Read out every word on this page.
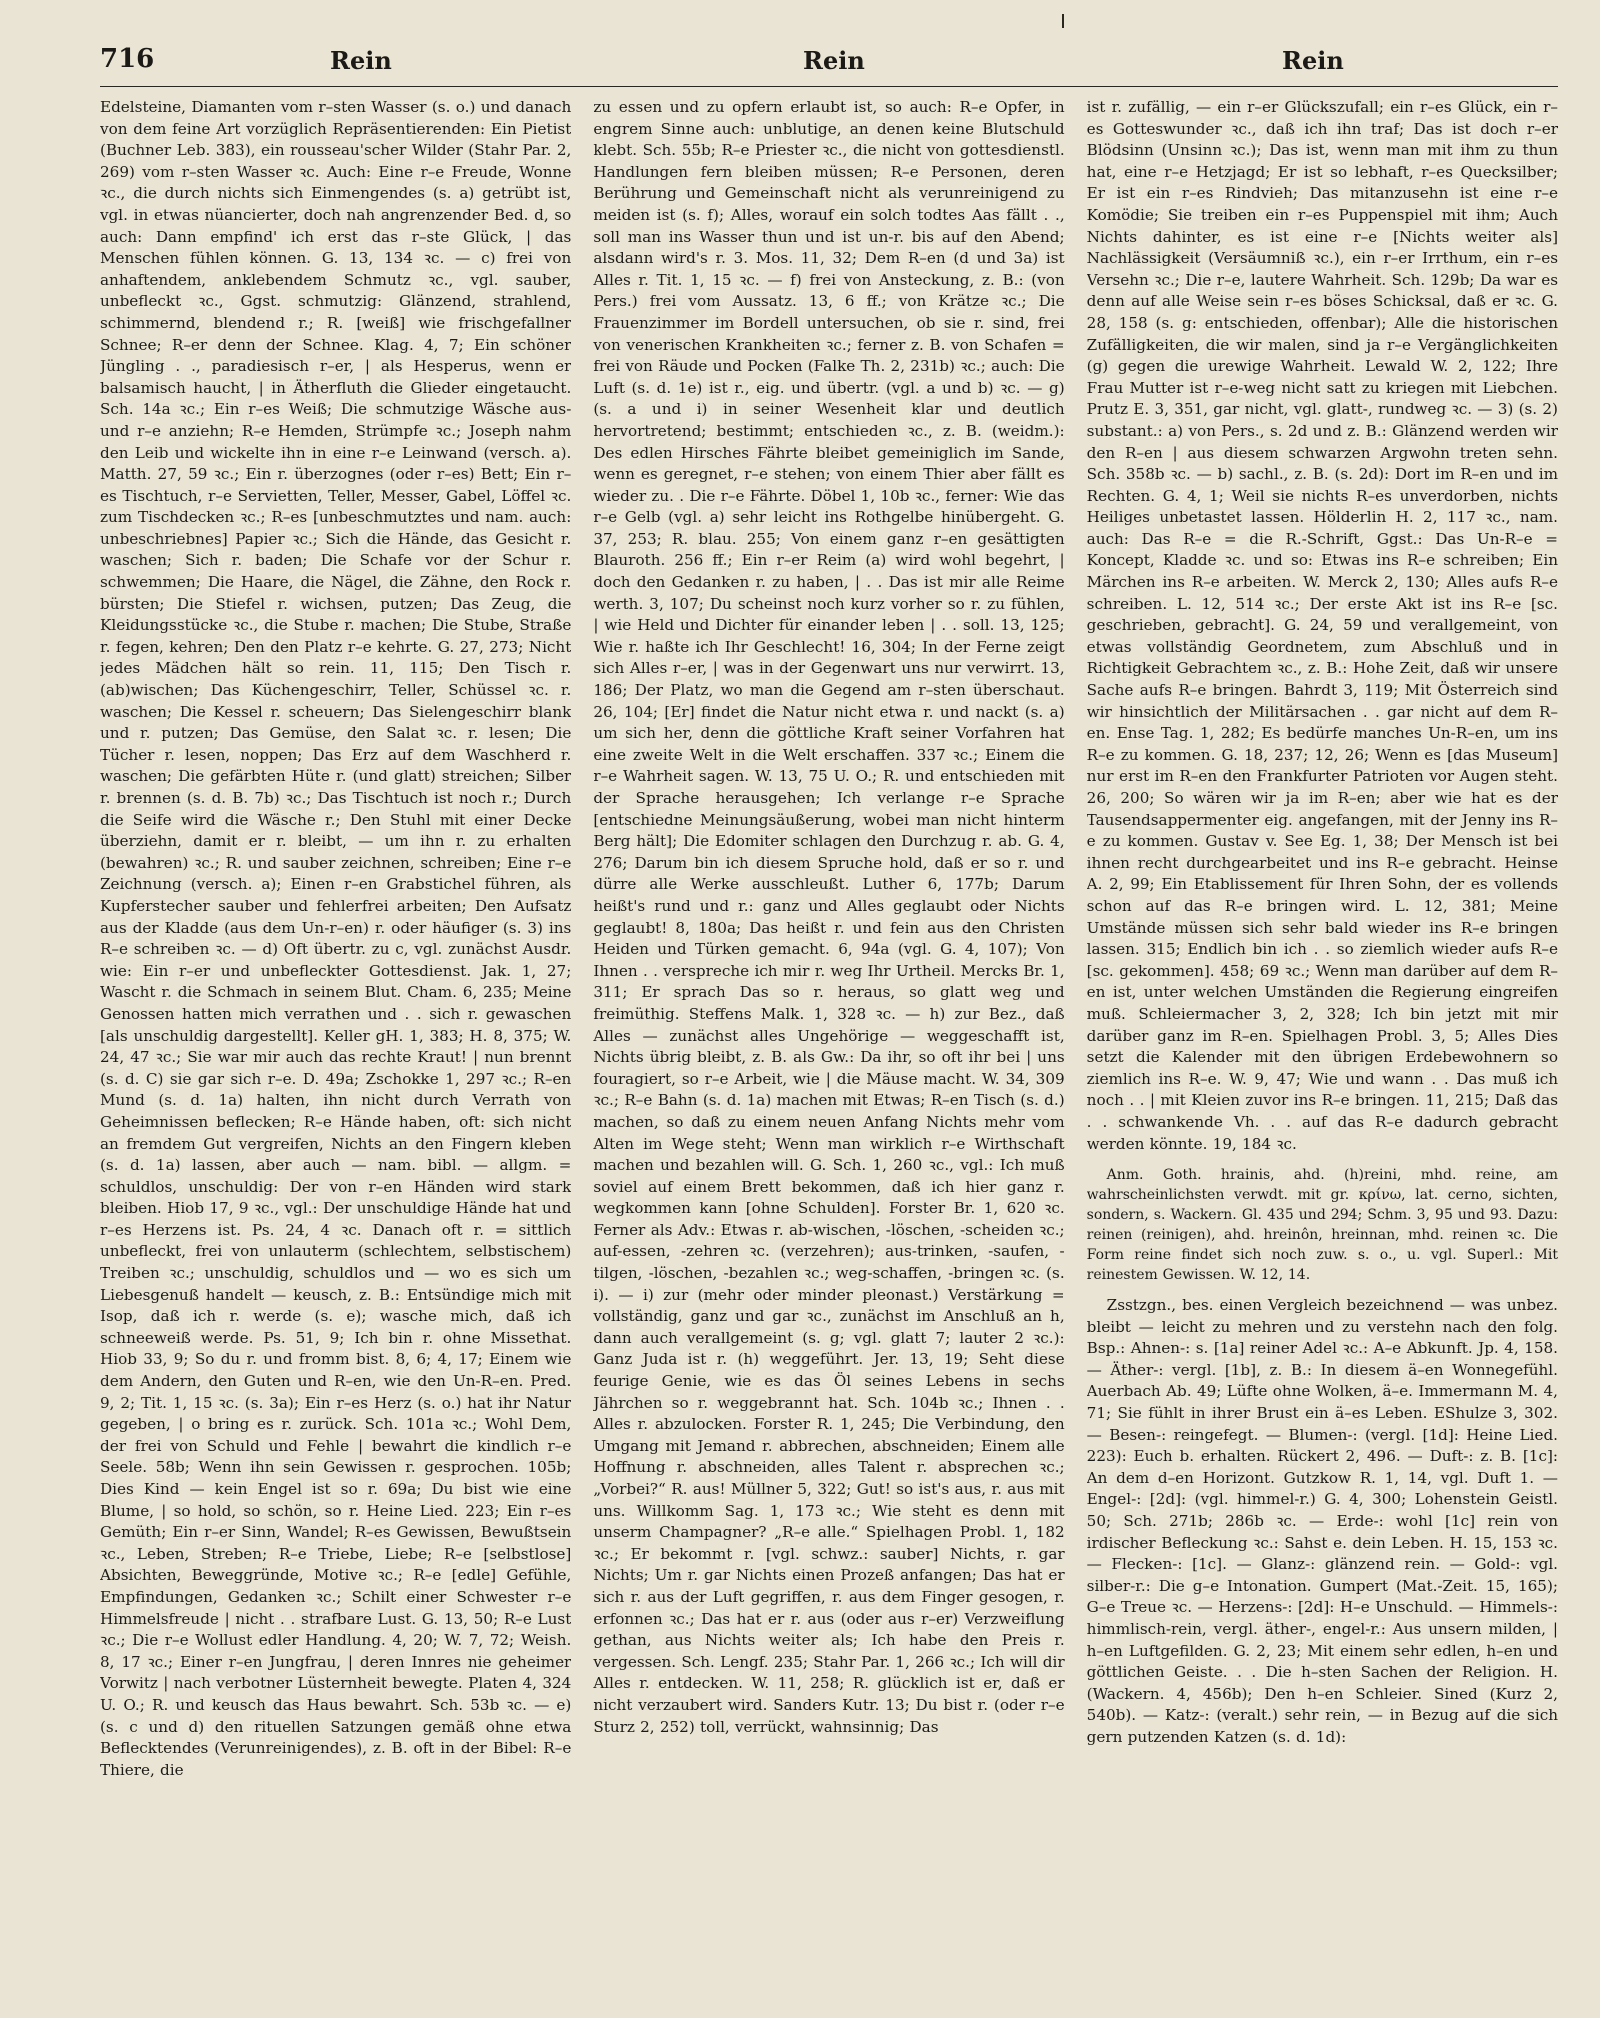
716	Rein	Rein	Rein

Edelsteine, Diamanten vom r–sten Wasser (s. o.) und danach von dem feine Art vorzüglich Repräsentierenden: Ein Pietist (Buchner Leb. 383), ein rousseau'scher Wilder (Stahr Par. 2, 269) vom r–sten Wasser ꝛc. Auch: Eine r–e Freude, Wonne ꝛc., die durch nichts sich Einmengendes (s. a) getrübt ist, vgl. in etwas nüancierter, doch nah angrenzender Bed. d, so auch: Dann empfind' ich erst das r–ste Glück, | das Menschen fühlen können. G. 13, 134 ꝛc. — c) frei von anhaftendem, anklebendem Schmutz ꝛc., vgl. sauber, unbefleckt ꝛc., Ggst. schmutzig: Glänzend, strahlend, schimmernd, blendend r.; R. [weiß] wie frischgefallner Schnee; R–er denn der Schnee. Klag. 4, 7; Ein schöner Jüngling . ., paradiesisch r–er, | als Hesperus, wenn er balsamisch haucht, | in Ätherfluth die Glieder eingetaucht. Sch. 14a ꝛc.; Ein r–es Weiß; Die schmutzige Wäsche aus- und r–e anziehn; R–e Hemden, Strümpfe ꝛc.; Joseph nahm den Leib und wickelte ihn in eine r–e Leinwand (versch. a). Matth. 27, 59 ꝛc.; Ein r. überzognes (oder r–es) Bett; Ein r–es Tischtuch, r–e Servietten, Teller, Messer, Gabel, Löffel ꝛc. zum Tischdecken ꝛc.; R–es [unbeschmutztes und nam. auch: unbeschriebnes] Papier ꝛc.; Sich die Hände, das Gesicht r. waschen; Sich r. baden; Die Schafe vor der Schur r. schwemmen; Die Haare, die Nägel, die Zähne, den Rock r. bürsten; Die Stiefel r. wichsen, putzen; Das Zeug, die Kleidungsstücke ꝛc., die Stube r. machen; Die Stube, Straße r. fegen, kehren; Den den Platz r–e kehrte. G. 27, 273; Nicht jedes Mädchen hält so rein. 11, 115; Den Tisch r. (ab)wischen; Das Küchengeschirr, Teller, Schüssel ꝛc. r. waschen; Die Kessel r. scheuern; Das Sielengeschirr blank und r. putzen; Das Gemüse, den Salat ꝛc. r. lesen; Die Tücher r. lesen, noppen; Das Erz auf dem Waschherd r. waschen; Die gefärbten Hüte r. (und glatt) streichen; Silber r. brennen (s. d. B. 7b) ꝛc.; Das Tischtuch ist noch r.; Durch die Seife wird die Wäsche r.; Den Stuhl mit einer Decke überziehn, damit er r. bleibt, — um ihn r. zu erhalten (bewahren) ꝛc.; R. und sauber zeichnen, schreiben; Eine r–e Zeichnung (versch. a); Einen r–en Grabstichel führen, als Kupferstecher sauber und fehlerfrei arbeiten; Den Aufsatz aus der Kladde (aus dem Un-r–en) r. oder häufiger (s. 3) ins R–e schreiben ꝛc. — d) Oft übertr. zu c, vgl. zunächst Ausdr. wie: Ein r–er und unbefleckter Gottesdienst. Jak. 1, 27; Wascht r. die Schmach in seinem Blut. Cham. 6, 235; Meine Genossen hatten mich verrathen und . . sich r. gewaschen [als unschuldig dargestellt]. Keller gH. 1, 383; H. 8, 375; W. 24, 47 ꝛc.; Sie war mir auch das rechte Kraut! | nun brennt (s. d. C) sie gar sich r–e. D. 49a; Zschokke 1, 297 ꝛc.; R–en Mund (s. d. 1a) halten, ihn nicht durch Verrath von Geheimnissen beflecken; R–e Hände haben, oft: sich nicht an fremdem Gut vergreifen, Nichts an den Fingern kleben (s. d. 1a) lassen, aber auch — nam. bibl. — allgm. = schuldlos, unschuldig: Der von r–en Händen wird stark bleiben. Hiob 17, 9 ꝛc., vgl.: Der unschuldige Hände hat und r–es Herzens ist. Ps. 24, 4 ꝛc. Danach oft r. = sittlich unbefleckt, frei von unlauterm (schlechtem, selbstischem) Treiben ꝛc.; unschuldig, schuldlos und — wo es sich um Liebesgenuß handelt — keusch, z. B.: Entsündige mich mit Isop, daß ich r. werde (s. e); wasche mich, daß ich schneeweiß werde. Ps. 51, 9; Ich bin r. ohne Missethat. Hiob 33, 9; So du r. und fromm bist. 8, 6; 4, 17; Einem wie dem Andern, den Guten und R–en, wie den Un-R–en. Pred. 9, 2; Tit. 1, 15 ꝛc. (s. 3a); Ein r–es Herz (s. o.) hat ihr Natur gegeben, | o bring es r. zurück. Sch. 101a ꝛc.; Wohl Dem, der frei von Schuld und Fehle | bewahrt die kindlich r–e Seele. 58b; Wenn ihn sein Gewissen r. gesprochen. 105b; Dies Kind — kein Engel ist so r. 69a; Du bist wie eine Blume, | so hold, so schön, so r. Heine Lied. 223; Ein r–es Gemüth; Ein r–er Sinn, Wandel; R–es Gewissen, Bewußtsein ꝛc., Leben, Streben; R–e Triebe, Liebe; R–e [selbstlose] Absichten, Beweggründe, Motive ꝛc.; R–e [edle] Gefühle, Empfindungen, Gedanken ꝛc.; Schilt einer Schwester r–e Himmelsfreude | nicht . . strafbare Lust. G. 13, 50; R–e Lust ꝛc.; Die r–e Wollust edler Handlung. 4, 20; W. 7, 72; Weish. 8, 17 ꝛc.; Einer r–en Jungfrau, | deren Innres nie geheimer Vorwitz | nach verbotner Lüsternheit bewegte. Platen 4, 324 U. O.; R. und keusch das Haus bewahrt. Sch. 53b ꝛc. — e) (s. c und d) den rituellen Satzungen gemäß ohne etwa Beflecktendes (Verunreinigendes), z. B. oft in der Bibel: R–e Thiere, die

zu essen und zu opfern erlaubt ist, so auch: R–e Opfer, in engrem Sinne auch: unblutige, an denen keine Blutschuld klebt. Sch. 55b; R–e Priester ꝛc., die nicht von gottesdienstl. Handlungen fern bleiben müssen; R–e Personen, deren Berührung und Gemeinschaft nicht als verunreinigend zu meiden ist (s. f); Alles, worauf ein solch todtes Aas fällt . ., soll man ins Wasser thun und ist un-r. bis auf den Abend; alsdann wird's r. 3. Mos. 11, 32; Dem R–en (d und 3a) ist Alles r. Tit. 1, 15 ꝛc. — f) frei von Ansteckung, z. B.: (von Pers.) frei vom Aussatz. 13, 6 ff.; von Krätze ꝛc.; Die Frauenzimmer im Bordell untersuchen, ob sie r. sind, frei von venerischen Krankheiten ꝛc.; ferner z. B. von Schafen = frei von Räude und Pocken (Falke Th. 2, 231b) ꝛc.; auch: Die Luft (s. d. 1e) ist r., eig. und übertr. (vgl. a und b) ꝛc. — g) (s. a und i) in seiner Wesenheit klar und deutlich hervortretend; bestimmt; entschieden ꝛc., z. B. (weidm.): Des edlen Hirsches Fährte bleibet gemeiniglich im Sande, wenn es geregnet, r–e stehen; von einem Thier aber fällt es wieder zu. . Die r–e Fährte. Döbel 1, 10b ꝛc., ferner: Wie das r–e Gelb (vgl. a) sehr leicht ins Rothgelbe hinübergeht. G. 37, 253; R. blau. 255; Von einem ganz r–en gesättigten Blauroth. 256 ff.; Ein r–er Reim (a) wird wohl begehrt, | doch den Gedanken r. zu haben, | . . Das ist mir alle Reime werth. 3, 107; Du scheinst noch kurz vorher so r. zu fühlen, | wie Held und Dichter für einander leben | . . soll. 13, 125; Wie r. haßte ich Ihr Geschlecht! 16, 304; In der Ferne zeigt sich Alles r–er, | was in der Gegenwart uns nur verwirrt. 13, 186; Der Platz, wo man die Gegend am r–sten überschaut. 26, 104; [Er] findet die Natur nicht etwa r. und nackt (s. a) um sich her, denn die göttliche Kraft seiner Vorfahren hat eine zweite Welt in die Welt erschaffen. 337 ꝛc.; Einem die r–e Wahrheit sagen. W. 13, 75 U. O.; R. und entschieden mit der Sprache herausgehen; Ich verlange r–e Sprache [entschiedne Meinungsäußerung, wobei man nicht hinterm Berg hält]; Die Edomiter schlagen den Durchzug r. ab. G. 4, 276; Darum bin ich diesem Spruche hold, daß er so r. und dürre alle Werke ausschleußt. Luther 6, 177b; Darum heißt's rund und r.: ganz und Alles geglaubt oder Nichts geglaubt! 8, 180a; Das heißt r. und fein aus den Christen Heiden und Türken gemacht. 6, 94a (vgl. G. 4, 107); Von Ihnen . . verspreche ich mir r. weg Ihr Urtheil. Mercks Br. 1, 311; Er sprach Das so r. heraus, so glatt weg und freimüthig. Steffens Malk. 1, 328 ꝛc. — h) zur Bez., daß Alles — zunächst alles Ungehörige — weggeschafft ist, Nichts übrig bleibt, z. B. als Gw.: Da ihr, so oft ihr bei | uns fouragiert, so r–e Arbeit, wie | die Mäuse macht. W. 34, 309 ꝛc.; R–e Bahn (s. d. 1a) machen mit Etwas; R–en Tisch (s. d.) machen, so daß zu einem neuen Anfang Nichts mehr vom Alten im Wege steht; Wenn man wirklich r–e Wirthschaft machen und bezahlen will. G. Sch. 1, 260 ꝛc., vgl.: Ich muß soviel auf einem Brett bekommen, daß ich hier ganz r. wegkommen kann [ohne Schulden]. Forster Br. 1, 620 ꝛc. Ferner als Adv.: Etwas r. ab-wischen, -löschen, -scheiden ꝛc.; auf-essen, -zehren ꝛc. (verzehren); aus-trinken, -saufen, -tilgen, -löschen, -bezahlen ꝛc.; weg-schaffen, -bringen ꝛc. (s. i). — i) zur (mehr oder minder pleonast.) Verstärkung = vollständig, ganz und gar ꝛc., zunächst im Anschluß an h, dann auch verallgemeint (s. g; vgl. glatt 7; lauter 2 ꝛc.): Ganz Juda ist r. (h) weggeführt. Jer. 13, 19; Seht diese feurige Genie, wie es das Öl seines Lebens in sechs Jährchen so r. weggebrannt hat. Sch. 104b ꝛc.; Ihnen . . Alles r. abzulocken. Forster R. 1, 245; Die Verbindung, den Umgang mit Jemand r. abbrechen, abschneiden; Einem alle Hoffnung r. abschneiden, alles Talent r. absprechen ꝛc.; „Vorbei?“ R. aus! Müllner 5, 322; Gut! so ist's aus, r. aus mit uns. Willkomm Sag. 1, 173 ꝛc.; Wie steht es denn mit unserm Champagner? „R–e alle.“ Spielhagen Probl. 1, 182 ꝛc.; Er bekommt r. [vgl. schwz.: sauber] Nichts, r. gar Nichts; Um r. gar Nichts einen Prozeß anfangen; Das hat er sich r. aus der Luft gegriffen, r. aus dem Finger gesogen, r. erfonnen ꝛc.; Das hat er r. aus (oder aus r–er) Verzweiflung gethan, aus Nichts weiter als; Ich habe den Preis r. vergessen. Sch. Lengf. 235; Stahr Par. 1, 266 ꝛc.; Ich will dir Alles r. entdecken. W. 11, 258; R. glücklich ist er, daß er nicht verzaubert wird. Sanders Kutr. 13; Du bist r. (oder r–e Sturz 2, 252) toll, verrückt, wahnsinnig; Das

ist r. zufällig, — ein r–er Glückszufall; ein r–es Glück, ein r–es Gotteswunder ꝛc., daß ich ihn traf; Das ist doch r–er Blödsinn (Unsinn ꝛc.); Das ist, wenn man mit ihm zu thun hat, eine r–e Hetzjagd; Er ist so lebhaft, r–es Quecksilber; Er ist ein r–es Rindvieh; Das mitanzusehn ist eine r–e Komödie; Sie treiben ein r–es Puppenspiel mit ihm; Auch Nichts dahinter, es ist eine r–e [Nichts weiter als] Nachlässigkeit (Versäumniß ꝛc.), ein r–er Irrthum, ein r–es Versehn ꝛc.; Die r–e, lautere Wahrheit. Sch. 129b; Da war es denn auf alle Weise sein r–es böses Schicksal, daß er ꝛc. G. 28, 158 (s. g: entschieden, offenbar); Alle die historischen Zufälligkeiten, die wir malen, sind ja r–e Vergänglichkeiten (g) gegen die urewige Wahrheit. Lewald W. 2, 122; Ihre Frau Mutter ist r–e-weg nicht satt zu kriegen mit Liebchen. Prutz E. 3, 351, gar nicht, vgl. glatt-, rundweg ꝛc. — 3) (s. 2) substant.: a) von Pers., s. 2d und z. B.: Glänzend werden wir den R–en | aus diesem schwarzen Argwohn treten sehn. Sch. 358b ꝛc. — b) sachl., z. B. (s. 2d): Dort im R–en und im Rechten. G. 4, 1; Weil sie nichts R–es unverdorben, nichts Heiliges unbetastet lassen. Hölderlin H. 2, 117 ꝛc., nam. auch: Das R–e = die R.-Schrift, Ggst.: Das Un-R–e = Koncept, Kladde ꝛc. und so: Etwas ins R–e schreiben; Ein Märchen ins R–e arbeiten. W. Merck 2, 130; Alles aufs R–e schreiben. L. 12, 514 ꝛc.; Der erste Akt ist ins R–e [sc. geschrieben, gebracht]. G. 24, 59 und verallgemeint, von etwas vollständig Geordnetem, zum Abschluß und in Richtigkeit Gebrachtem ꝛc., z. B.: Hohe Zeit, daß wir unsere Sache aufs R–e bringen. Bahrdt 3, 119; Mit Österreich sind wir hinsichtlich der Militärsachen . . gar nicht auf dem R–en. Ense Tag. 1, 282; Es bedürfe manches Un-R–en, um ins R–e zu kommen. G. 18, 237; 12, 26; Wenn es [das Museum] nur erst im R–en den Frankfurter Patrioten vor Augen steht. 26, 200; So wären wir ja im R–en; aber wie hat es der Tausendsappermenter eig. angefangen, mit der Jenny ins R–e zu kommen. Gustav v. See Eg. 1, 38; Der Mensch ist bei ihnen recht durchgearbeitet und ins R–e gebracht. Heinse A. 2, 99; Ein Etablissement für Ihren Sohn, der es vollends schon auf das R–e bringen wird. L. 12, 381; Meine Umstände müssen sich sehr bald wieder ins R–e bringen lassen. 315; Endlich bin ich . . so ziemlich wieder aufs R–e [sc. gekommen]. 458; 69 ꝛc.; Wenn man darüber auf dem R–en ist, unter welchen Umständen die Regierung eingreifen muß. Schleiermacher 3, 2, 328; Ich bin jetzt mit mir darüber ganz im R–en. Spielhagen Probl. 3, 5; Alles Dies setzt die Kalender mit den übrigen Erdebewohnern so ziemlich ins R–e. W. 9, 47; Wie und wann . . Das muß ich noch . . | mit Kleien zuvor ins R–e bringen. 11, 215; Daß das . . schwankende Vh. . . auf das R–e dadurch gebracht werden könnte. 19, 184 ꝛc.

Anm. Goth. hrainis, ahd. (h)reini, mhd. reine, am wahrscheinlichsten verwdt. mit gr. κρίνω, lat. cerno, sichten, sondern, s. Wackern. Gl. 435 und 294; Schm. 3, 95 und 93. Dazu: reinen (reinigen), ahd. hreinôn, hreinnan, mhd. reinen ꝛc. Die Form reine findet sich noch zuw. s. o., u. vgl. Superl.: Mit reinestem Gewissen. W. 12, 14.

Zsstzgn., bes. einen Vergleich bezeichnend — was unbez. bleibt — leicht zu mehren und zu verstehn nach den folg. Bsp.: Ahnen-: s. [1a] reiner Adel ꝛc.: A–e Abkunft. Jp. 4, 158. — Äther-: vergl. [1b], z. B.: In diesem ä–en Wonnegefühl. Auerbach Ab. 49; Lüfte ohne Wolken, ä–e. Immermann M. 4, 71; Sie fühlt in ihrer Brust ein ä–es Leben. EShulze 3, 302. — Besen-: reingefegt. — Blumen-: (vergl. [1d]: Heine Lied. 223): Euch b. erhalten. Rückert 2, 496. — Duft-: z. B. [1c]: An dem d–en Horizont. Gutzkow R. 1, 14, vgl. Duft 1. — Engel-: [2d]: (vgl. himmel-r.) G. 4, 300; Lohenstein Geistl. 50; Sch. 271b; 286b ꝛc. — Erde-: wohl [1c] rein von irdischer Befleckung ꝛc.: Sahst e. dein Leben. H. 15, 153 ꝛc. — Flecken-: [1c]. — Glanz-: glänzend rein. — Gold-: vgl. silber-r.: Die g–e Intonation. Gumpert (Mat.-Zeit. 15, 165); G–e Treue ꝛc. — Herzens-: [2d]: H–e Unschuld. — Himmels-: himmlisch-rein, vergl. äther-, engel-r.: Aus unsern milden, | h–en Luftgefilden. G. 2, 23; Mit einem sehr edlen, h–en und göttlichen Geiste. . . Die h–sten Sachen der Religion. H. (Wackern. 4, 456b); Den h–en Schleier. Sined (Kurz 2, 540b). — Katz-: (veralt.) sehr rein, — in Bezug auf die sich gern putzenden Katzen (s. d. 1d):
